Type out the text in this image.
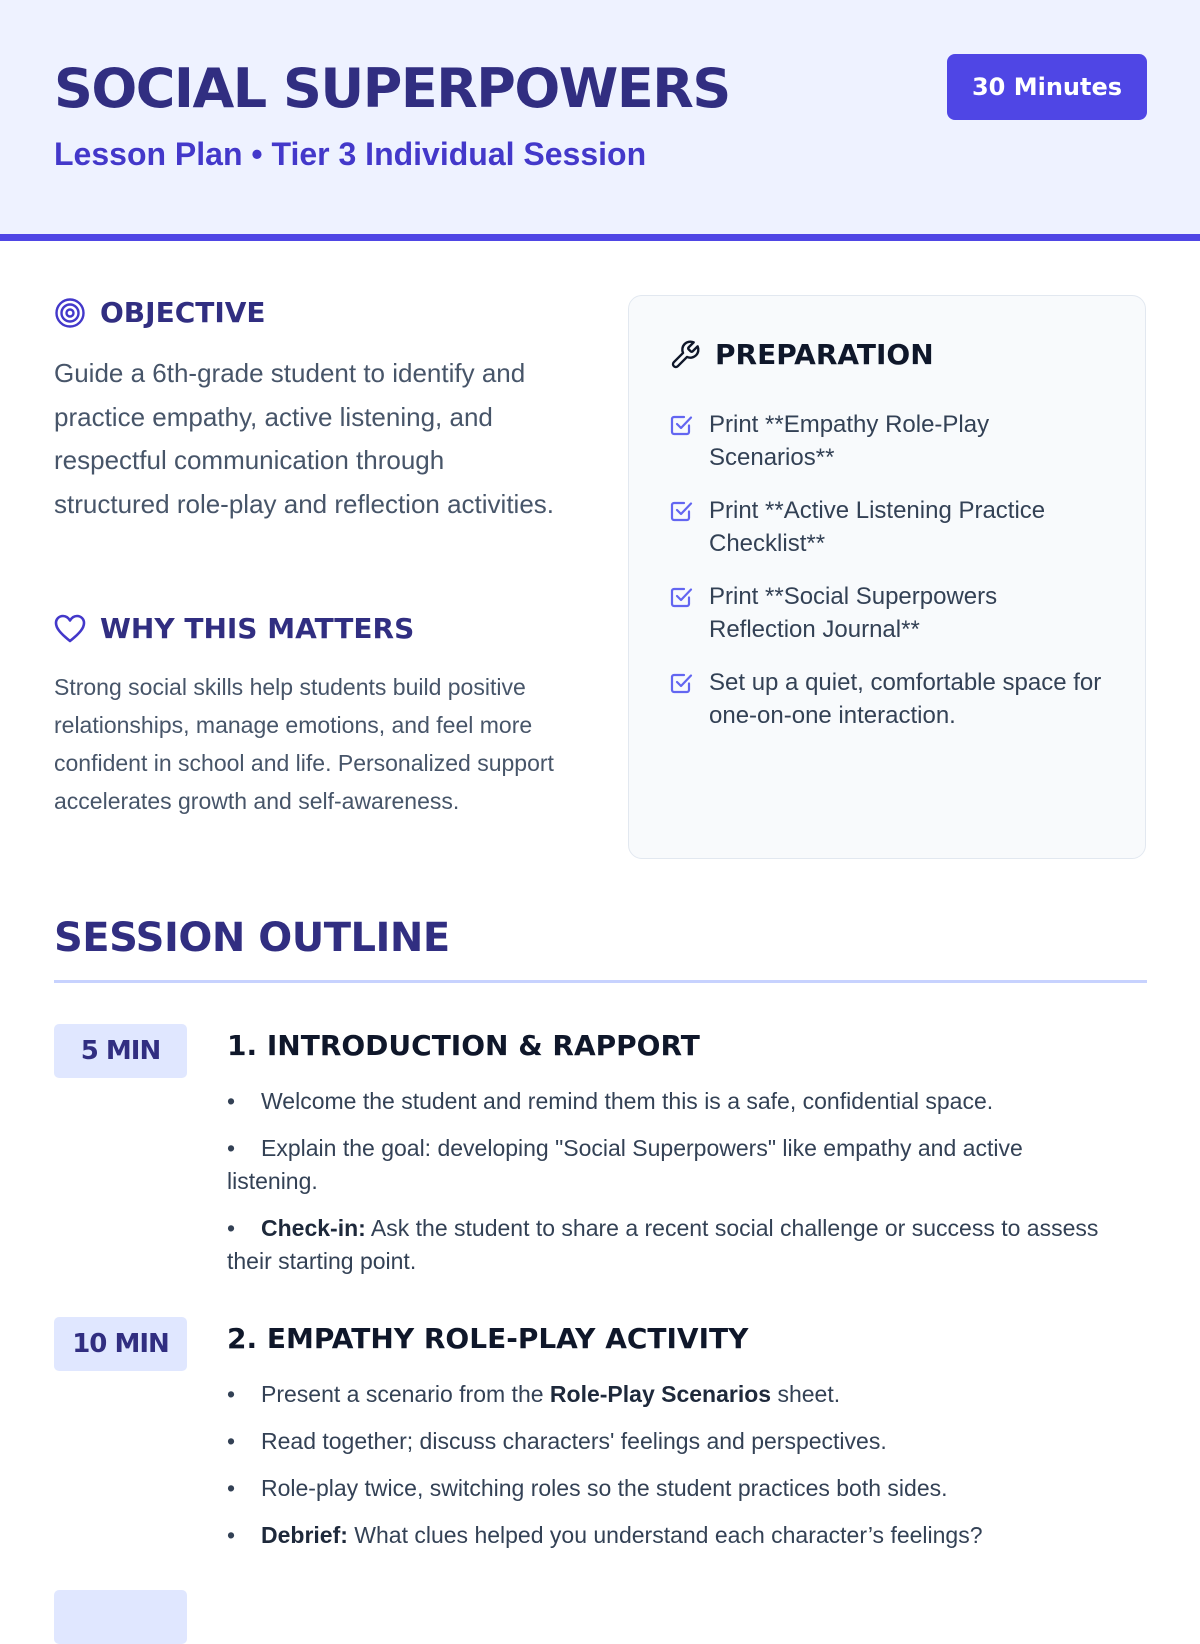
SOCIAL SUPERPOWERS
Lesson Plan • Tier 3 Individual Session
30 Minutes
OBJECTIVE

Guide a 6th-grade student to identify and practice empathy, active listening, and respectful communication through structured role-play and reflection activities.

WHY THIS MATTERS

Strong social skills help students build positive relationships, manage emotions, and feel more confident in school and life. Personalized support accelerates growth and self-awareness.

PREPARATION
Print **Empathy Role-Play Scenarios**
Print **Active Listening Practice Checklist**
Print **Social Superpowers Reflection Journal**
Set up a quiet, comfortable space for one-on-one interaction.
SESSION OUTLINE
5 MIN	1. INTRODUCTION & RAPPORT
• Welcome the student and remind them this is a safe, confidential space.
• Explain the goal: developing "Social Superpowers" like empathy and active listening.
• Check-in: Ask the student to share a recent social challenge or success to assess their starting point.
10 MIN	2. EMPATHY ROLE-PLAY ACTIVITY
• Present a scenario from the Role-Play Scenarios sheet.
• Read together; discuss characters' feelings and perspectives.
• Role-play twice, switching roles so the student practices both sides.
• Debrief: What clues helped you understand each character’s feelings?
